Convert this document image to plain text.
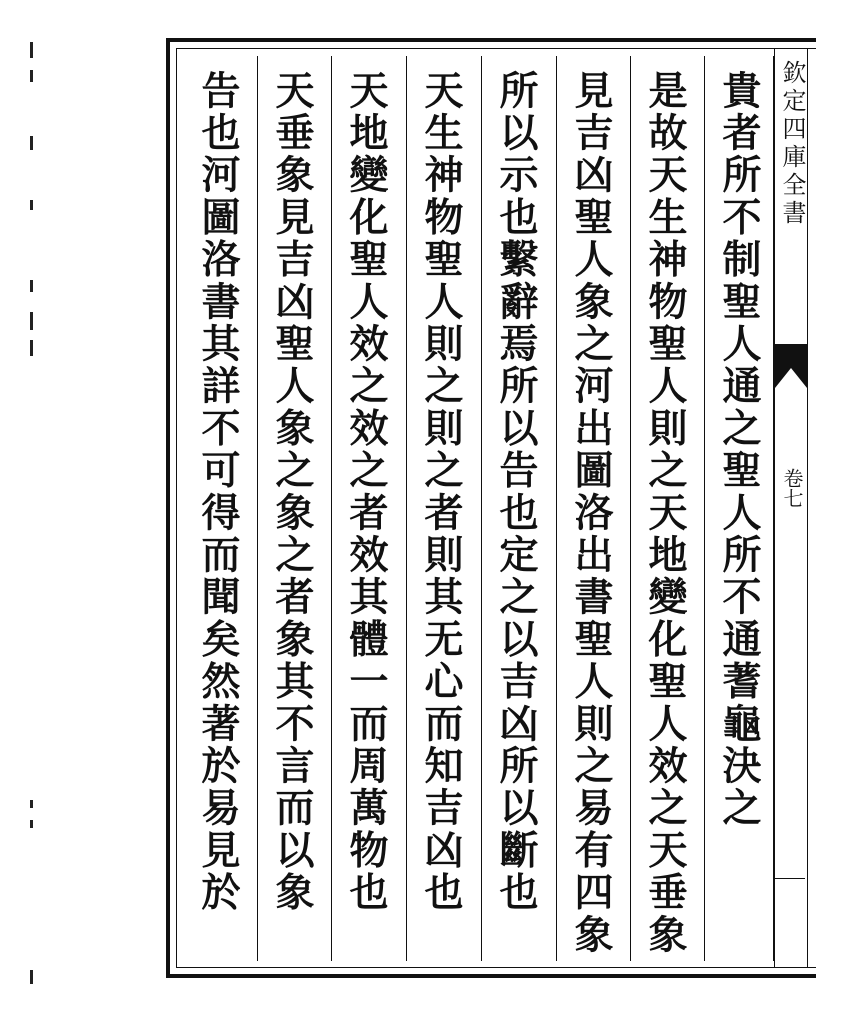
欽定四庫全書
卷七
貴者所不制聖人通之聖人所不通蓍龜決之
是故天生神物聖人則之天地變化聖人效之天垂象
見吉凶聖人象之河出圖洛出書聖人則之易有四象
所以示也繫辭焉所以告也定之以吉凶所以斷也
天生神物聖人則之則之者則其无心而知吉凶也
天地變化聖人效之效之者效其體一而周萬物也
天垂象見吉凶聖人象之象之者象其不言而以象
告也河圖洛書其詳不可得而聞矣然著於易見於
